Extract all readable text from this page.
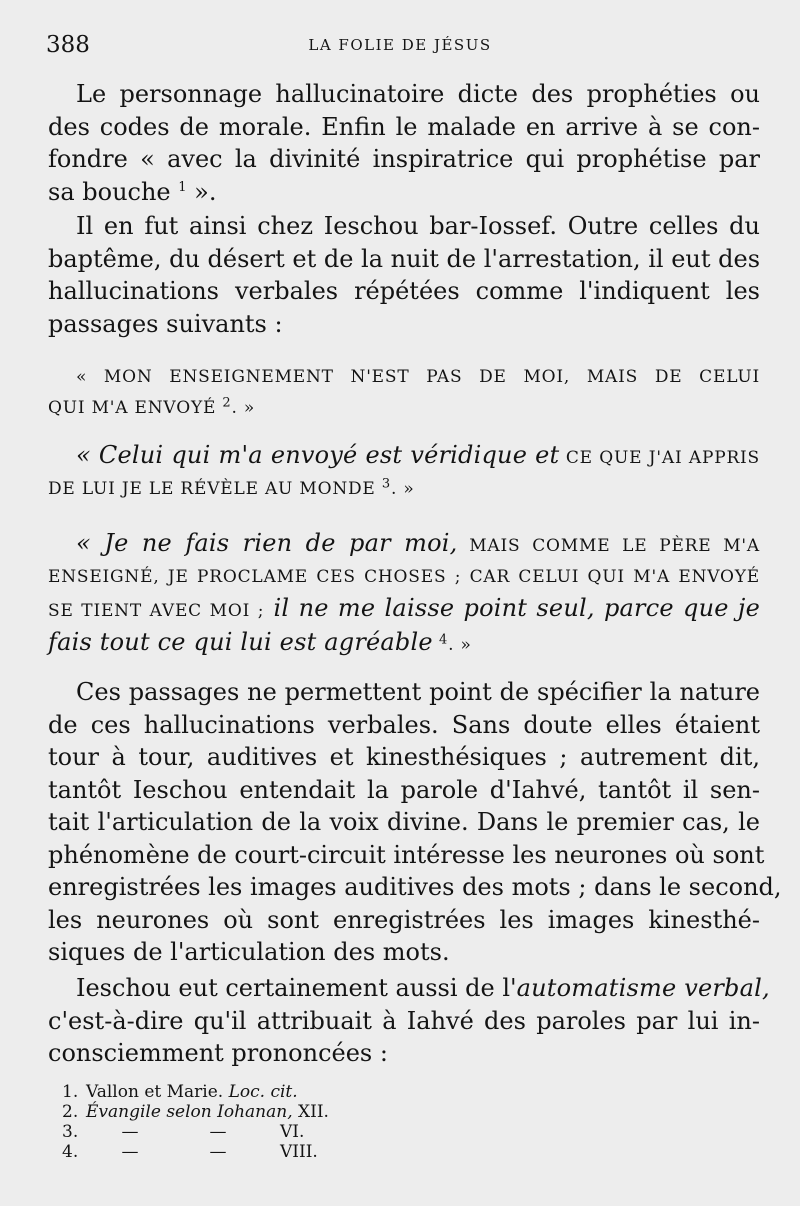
388	LA FOLIE DE JÉSUS
Le personnage hallucinatoire dicte des prophéties ou
des codes de morale. Enfin le malade en arrive à se con-
fondre « avec la divinité inspiratrice qui prophétise par
sa bouche $^1$ ».
Il en fut ainsi chez Ieschou bar-Iossef. Outre celles du
baptême, du désert et de la nuit de l'arrestation, il eut des
hallucinations verbales répétées comme l'indiquent les
passages suivants :
« MON ENSEIGNEMENT N'EST PAS DE MOI, MAIS DE CELUI
QUI M'A ENVOYÉ $^2$. »
« Celui qui m'a envoyé est véridique et CE QUE J'AI APPRIS
DE LUI JE LE RÉVÈLE AU MONDE $^3$. »
« Je ne fais rien de par moi, MAIS COMME LE PÈRE M'A
ENSEIGNÉ, JE PROCLAME CES CHOSES ; CAR CELUI QUI M'A ENVOYÉ
SE TIENT AVEC MOI ; il ne me laisse point seul, parce que je
fais tout ce qui lui est agréable $^4$. »
Ces passages ne permettent point de spécifier la nature
de ces hallucinations verbales. Sans doute elles étaient
tour à tour, auditives et kinesthésiques ; autrement dit,
tantôt Ieschou entendait la parole d'Iahvé, tantôt il sen-
tait l'articulation de la voix divine. Dans le premier cas, le
phénomène de court-circuit intéresse les neurones où sont
enregistrées les images auditives des mots ; dans le second,
les neurones où sont enregistrées les images kinesthé-
siques de l'articulation des mots.
Ieschou eut certainement aussi de l'automatisme verbal,
c'est-à-dire qu'il attribuait à Iahvé des paroles par lui in-
consciemment prononcées :
1. Vallon et Marie. Loc. cit.
2. Évangile selon Iohanan, XII.
3.	—	—	VI.
4.	—	—	VIII.
